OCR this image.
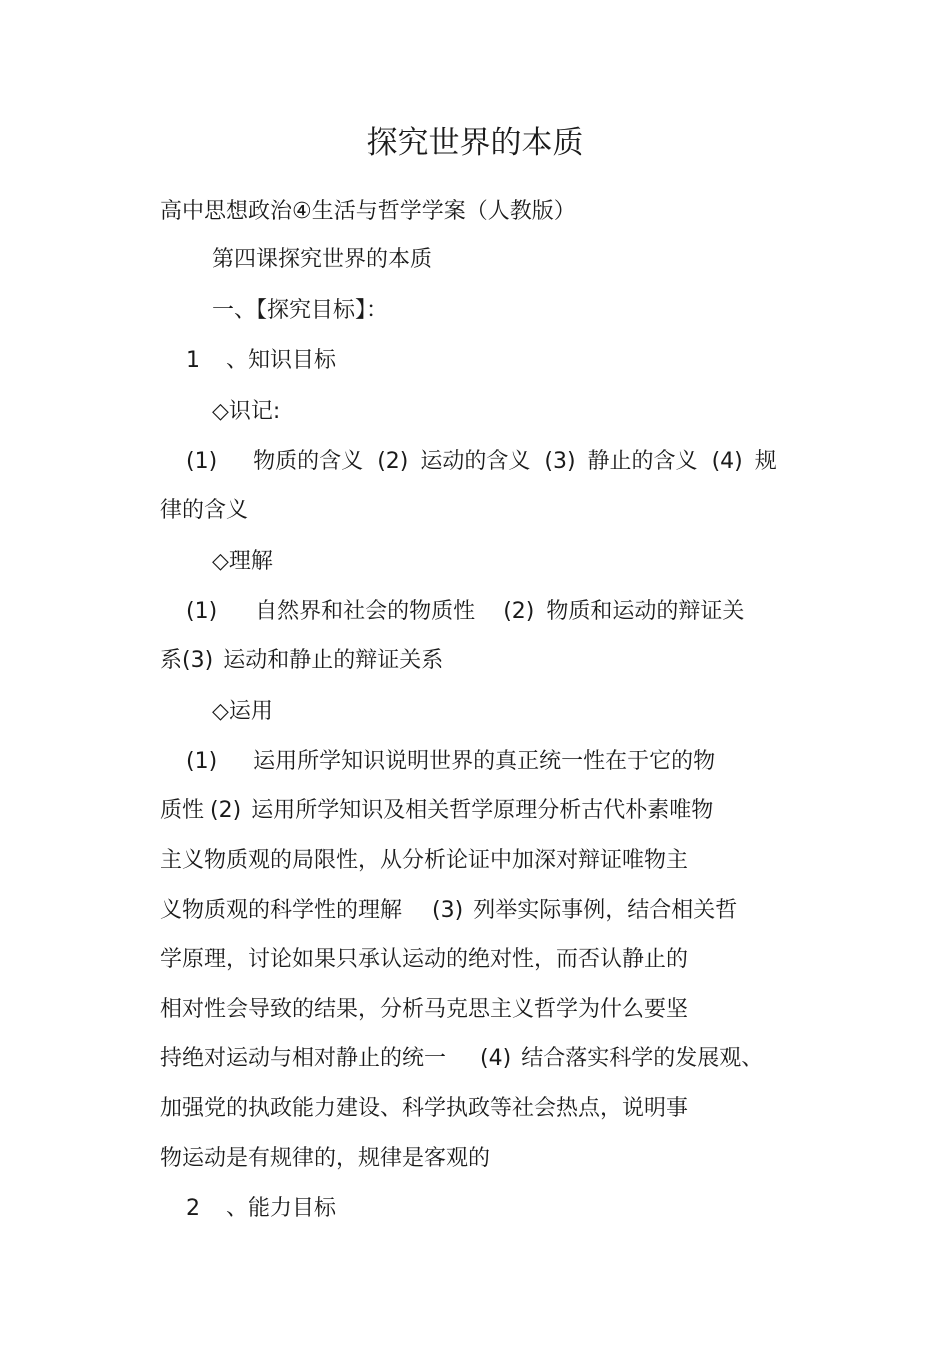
探究世界的本质
高中思想政治④生活与哲学学案（人教版）
第四课探究世界的本质
一、【探究目标】：
1 、知识目标
◇识记:
(1) 物质的含义 (2) 运动的含义 (3) 静止的含义 (4) 规
律的含义
◇理解
(1) 自然界和社会的物质性 (2) 物质和运动的辩证关
系(3) 运动和静止的辩证关系
◇运用
(1) 运用所学知识说明世界的真正统一性在于它的物
质性 (2) 运用所学知识及相关哲学原理分析古代朴素唯物
主义物质观的局限性，从分析论证中加深对辩证唯物主
义物质观的科学性的理解 (3) 列举实际事例，结合相关哲
学原理，讨论如果只承认运动的绝对性，而否认静止的
相对性会导致的结果，分析马克思主义哲学为什么要坚
持绝对运动与相对静止的统一 (4) 结合落实科学的发展观、
加强党的执政能力建设、科学执政等社会热点，说明事
物运动是有规律的，规律是客观的
2 、能力目标
